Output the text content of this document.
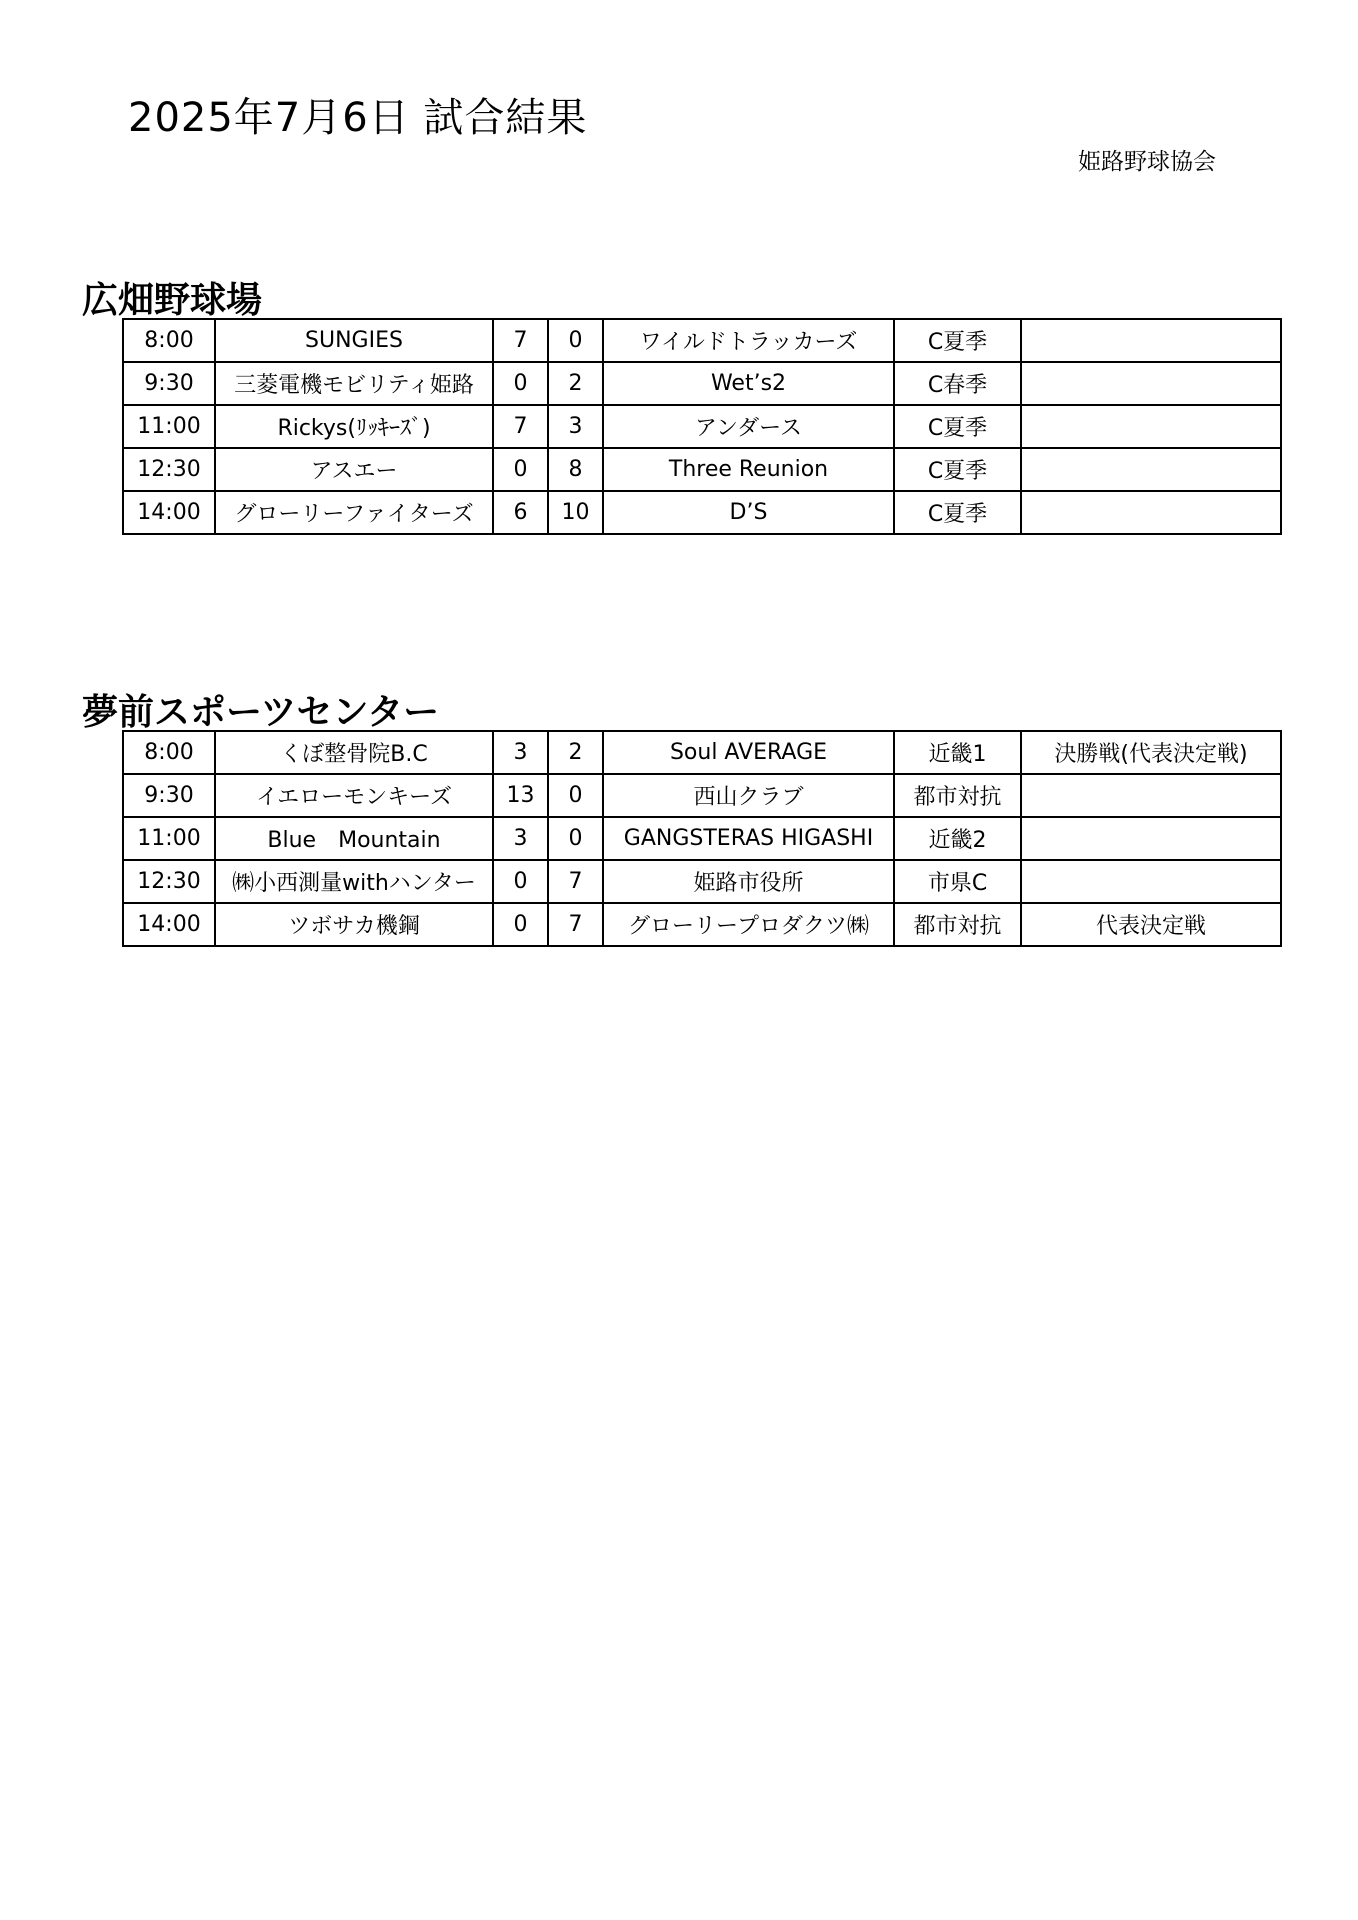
2025年7月6日 試合結果
姫路野球協会
広畑野球場
8:00	SUNGIES	7	0	ワイルドトラッカーズ	C夏季	
9:30	三菱電機モビリティ姫路	0	2	Wet’s2	C春季	
11:00	Rickys(ﾘｯｷｰｽﾞ)	7	3	アンダース	C夏季	
12:30	アスエー	0	8	Three Reunion	C夏季	
14:00	グローリーファイターズ	6	10	D’S	C夏季	
夢前スポーツセンター
8:00	くぼ整骨院B.C	3	2	Soul AVERAGE	近畿1	決勝戦(代表決定戦)
9:30	イエローモンキーズ	13	0	西山クラブ	都市対抗	
11:00	Blue　Mountain	3	0	GANGSTERAS HIGASHI	近畿2	
12:30	㈱小西測量withハンター	0	7	姫路市役所	市県C	
14:00	ツボサカ機鋼	0	7	グローリープロダクツ㈱	都市対抗	代表決定戦
